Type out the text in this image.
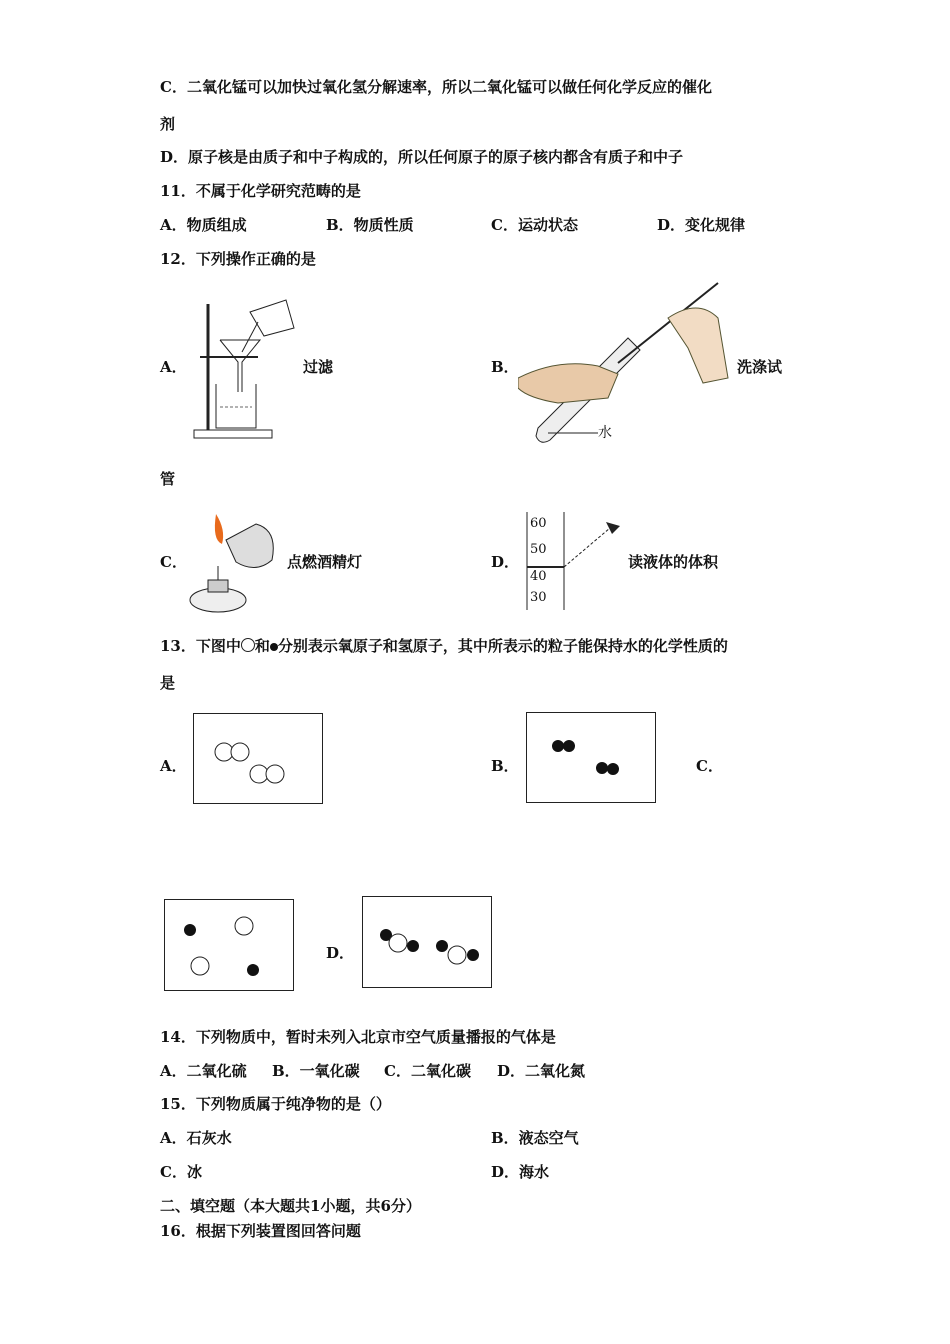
C．二氧化锰可以加快过氧化氢分解速率，所以二氧化锰可以做任何化学反应的催化
剂
D．原子核是由质子和中子构成的，所以任何原子的原子核内都含有质子和中子
11．不属于化学研究范畴的是
A．物质组成	B．物质性质	C．运动状态	D．变化规律
12．下列操作正确的是
A．	过滤	B．
水
洗涤试
管
C．	点燃酒精灯	D．
60
50
40
30
读液体的体积
13．下图中 和 分别表示氧原子和氢原子，其中所表示的粒子能保持水的化学性质的
是
A．	B．	C．
D．
14．下列物质中，暂时未列入北京市空气质量播报的气体是
A．二氧化硫 B．一氧化碳 C．二氧化碳 D．二氧化氮
15．下列物质属于纯净物的是（）
A．石灰水	B．液态空气
C．冰	D．海水
二、填空题（本大题共1小题，共6分）
16．根据下列装置图回答问题
